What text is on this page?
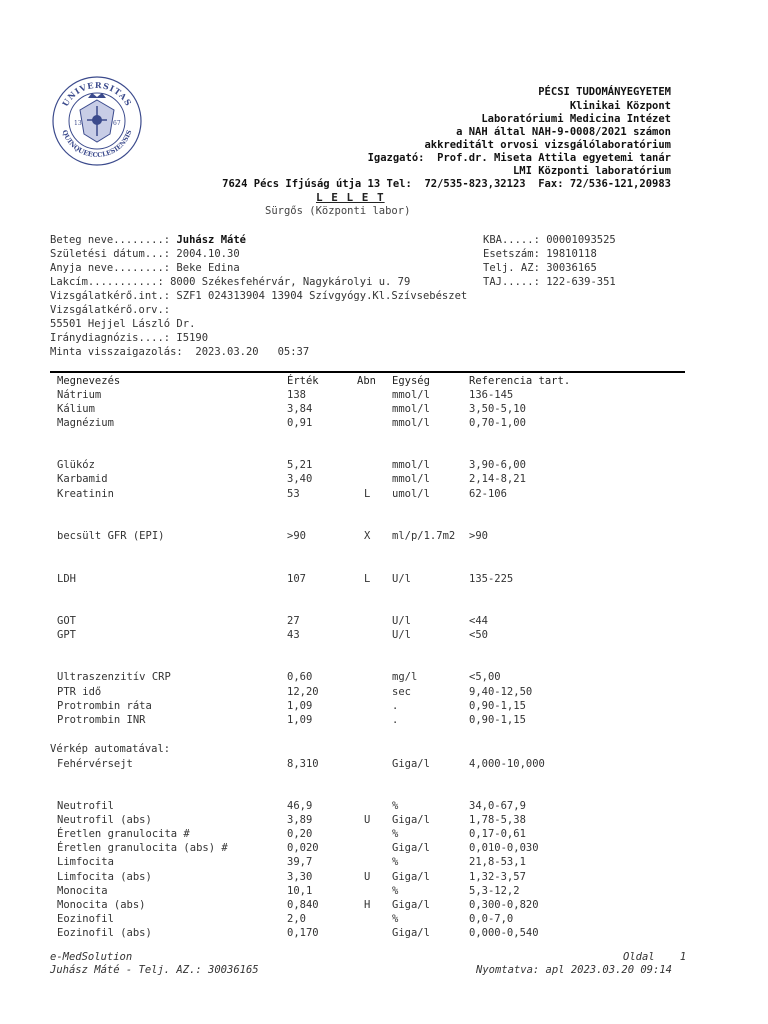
UNIVERSITAS
QUINQUEECCLESIENSIS
13	67
PÉCSI TUDOMÁNYEGYETEM
Klinikai Központ
Laboratóriumi Medicina Intézet
a NAH által NAH-9-0008/2021 számon
akkreditált orvosi vizsgálólaboratórium
Igazgató:  Prof.dr. Miseta Attila egyetemi tanár
LMI Központi laboratórium
7624 Pécs Ifjúság útja 13 Tel:  72/535-823,32123  Fax: 72/536-121,20983
L E L E T
Sürgős (Központi labor)
Beteg neve........: Juhász Máté
Születési dátum...: 2004.10.30
Anyja neve........: Beke Edina
Lakcím...........: 8000 Székesfehérvár, Nagykárolyi u. 79
Vizsgálatkérő.int.: SZF1 024313904 13904 Szívgyógy.Kl.Szívsebészet
Vizsgálatkérő.orv.:
55501 Hejjel László Dr.
Iránydiagnózis....: I5190
Minta visszaigazolás:  2023.03.20   05:37
KBA.....: 00001093525
Esetszám: 19810118
Telj. AZ: 30036165
TAJ.....: 122-639-351
Megnevezés	Érték	Abn Egység	Referencia tart.
Vérkép automatával:
Nátrium	138	mmol/l	136-145
Kálium	3,84	mmol/l	3,50-5,10
Magnézium	0,91	mmol/l	0,70-1,00
Glükóz	5,21	mmol/l	3,90-6,00
Karbamid	3,40	mmol/l	2,14-8,21
Kreatinin	53	L umol/l	62-106
becsült GFR (EPI)	>90	X ml/p/1.7m2 >90
LDH	107	L U/l	135-225
GOT	27	U/l	<44
GPT	43	U/l	<50
Ultraszenzitív CRP	0,60	mg/l	<5,00
PTR idő	12,20	sec	9,40-12,50
Protrombin ráta	1,09	.	0,90-1,15
Protrombin INR	1,09	.	0,90-1,15
Fehérvérsejt	8,310	Giga/l	4,000-10,000
Neutrofil	46,9	%	34,0-67,9
Neutrofil (abs)	3,89	U Giga/l	1,78-5,38
Éretlen granulocita #	0,20	%	0,17-0,61
Éretlen granulocita (abs) #	0,020	Giga/l	0,010-0,030
Limfocita	39,7	%	21,8-53,1
Limfocita (abs)	3,30	U Giga/l	1,32-3,57
Monocita	10,1	%	5,3-12,2
Monocita (abs)	0,840	H Giga/l	0,300-0,820
Eozinofil	2,0	%	0,0-7,0
Eozinofil (abs)	0,170	Giga/l	0,000-0,540
e-MedSolution	Oldal    1
Juhász Máté - Telj. AZ.: 30036165	Nyomtatva: apl 2023.03.20 09:14
